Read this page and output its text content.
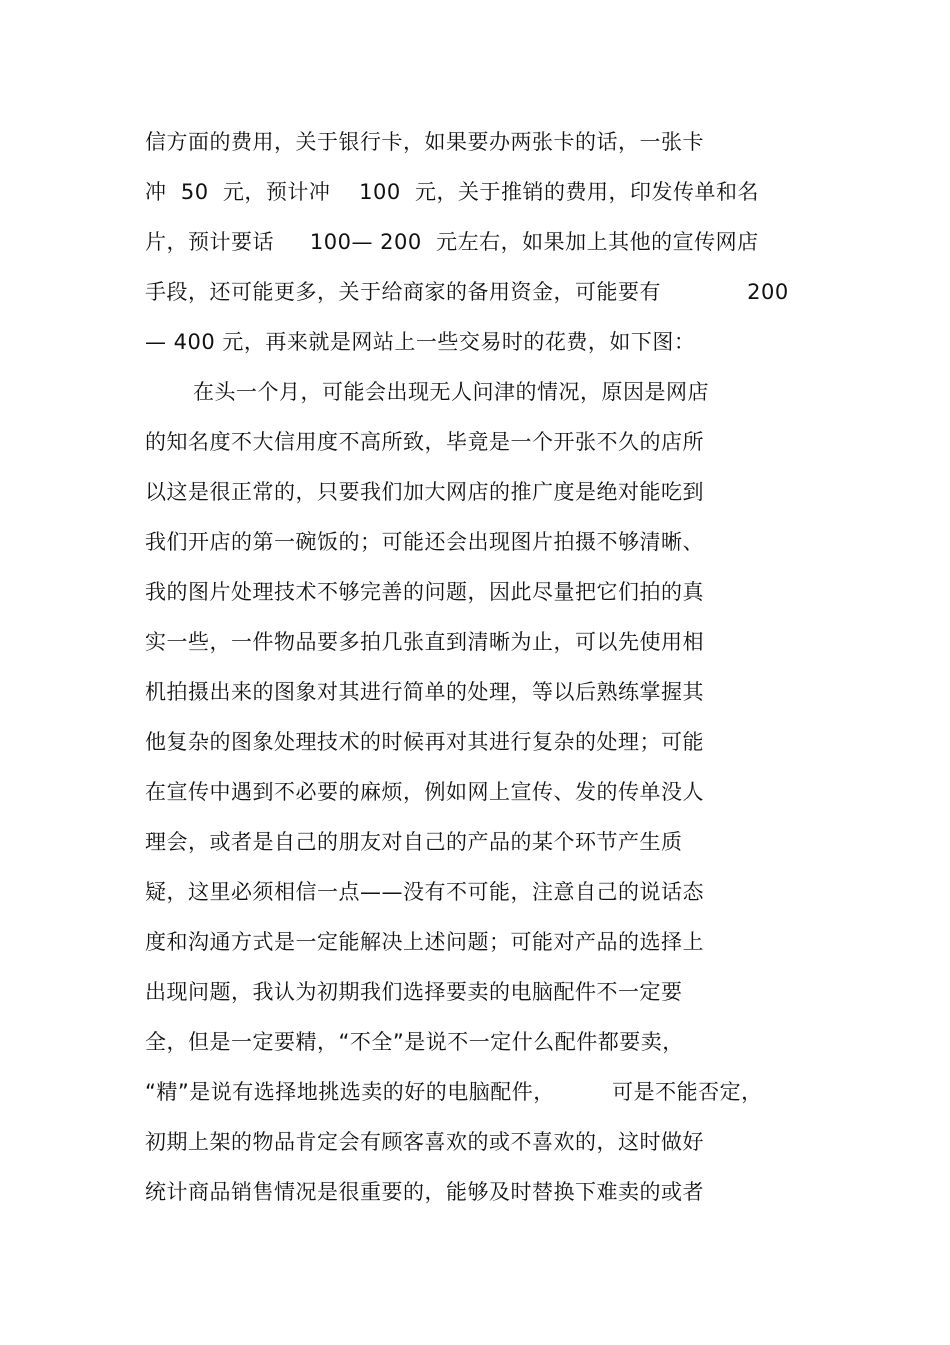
信方面的费用，关于银行卡，如果要办两张卡的话，一张卡
冲  50  元，预计冲    100  元，关于推销的费用，印发传单和名
片，预计要话     100— 200  元左右，如果加上其他的宣传网店
手段，还可能更多，关于给商家的备用资金，可能要有            200
— 400 元，再来就是网站上一些交易时的花费，如下图：
在头一个月，可能会出现无人问津的情况，原因是网店
的知名度不大信用度不高所致，毕竟是一个开张不久的店所
以这是很正常的，只要我们加大网店的推广度是绝对能吃到
我们开店的第一碗饭的；可能还会出现图片拍摄不够清晰、
我的图片处理技术不够完善的问题，因此尽量把它们拍的真
实一些，一件物品要多拍几张直到清晰为止，可以先使用相
机拍摄出来的图象对其进行简单的处理，等以后熟练掌握其
他复杂的图象处理技术的时候再对其进行复杂的处理；可能
在宣传中遇到不必要的麻烦，例如网上宣传、发的传单没人
理会，或者是自己的朋友对自己的产品的某个环节产生质
疑，这里必须相信一点——没有不可能，注意自己的说话态
度和沟通方式是一定能解决上述问题；可能对产品的选择上
出现问题，我认为初期我们选择要卖的电脑配件不一定要
全，但是一定要精，“不全”是说不一定什么配件都要卖，
“精”是说有选择地挑选卖的好的电脑配件，        可是不能否定，
初期上架的物品肯定会有顾客喜欢的或不喜欢的，这时做好
统计商品销售情况是很重要的，能够及时替换下难卖的或者
